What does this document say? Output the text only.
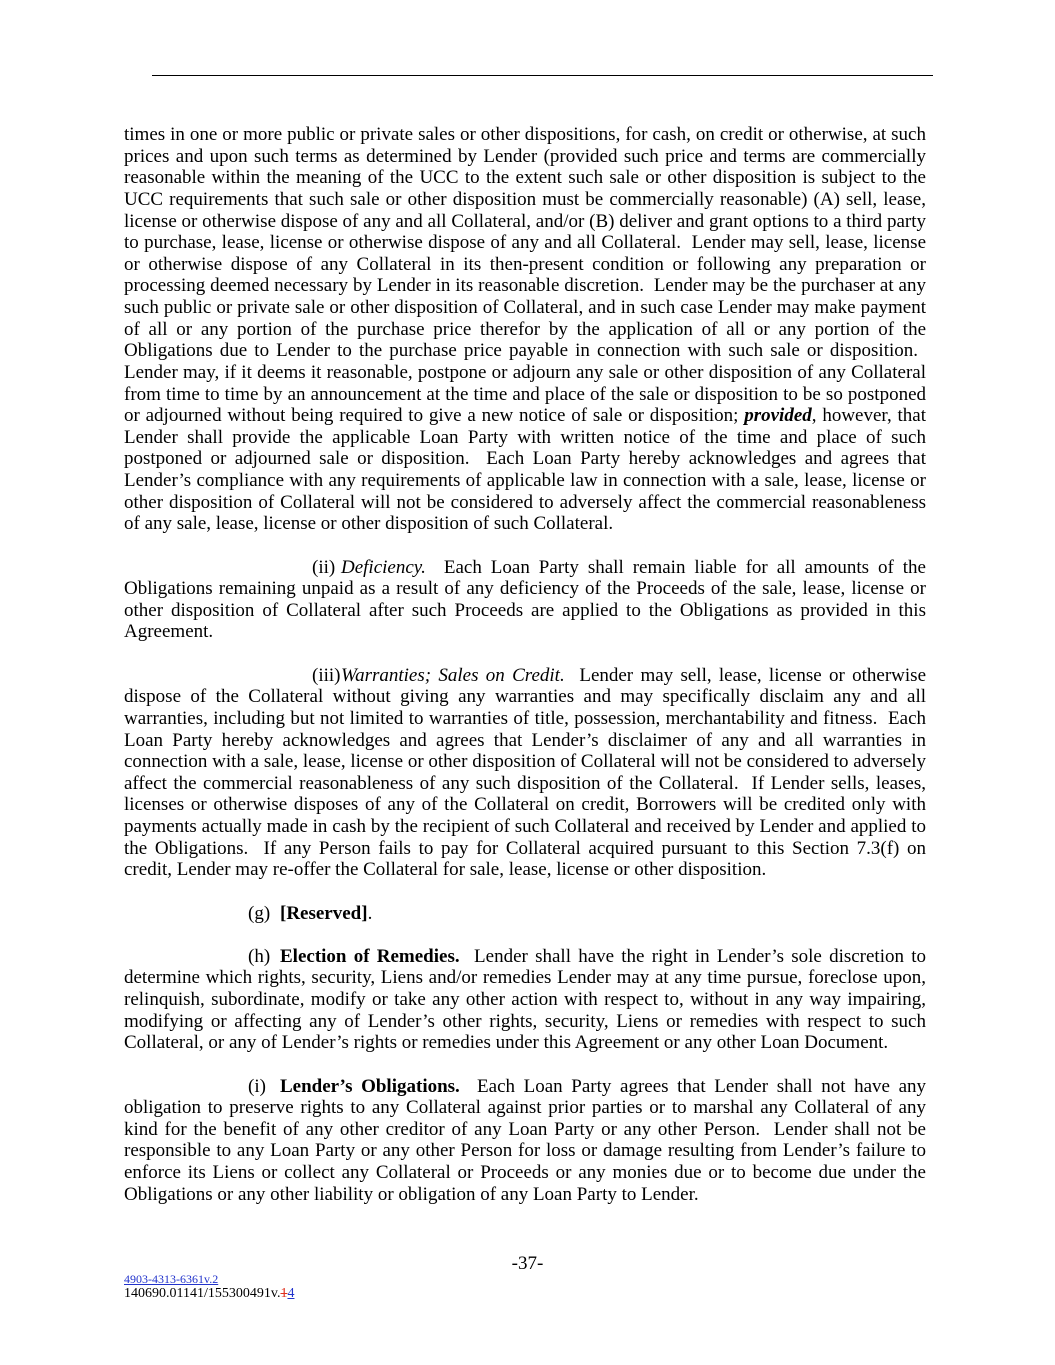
times in one or more public or private sales or other dispositions, for cash, on credit or otherwise, at such
prices and upon such terms as determined by Lender (provided such price and terms are commercially
reasonable within the meaning of the UCC to the extent such sale or other disposition is subject to the
UCC requirements that such sale or other disposition must be commercially reasonable) (A) sell, lease,
license or otherwise dispose of any and all Collateral, and/or (B) deliver and grant options to a third party
to purchase, lease, license or otherwise dispose of any and all Collateral.  Lender may sell, lease, license
or otherwise dispose of any Collateral in its then-present condition or following any preparation or
processing deemed necessary by Lender in its reasonable discretion.  Lender may be the purchaser at any
such public or private sale or other disposition of Collateral, and in such case Lender may make payment
of all or any portion of the purchase price therefor by the application of all or any portion of the
Obligations due to Lender to the purchase price payable in connection with such sale or disposition.
Lender may, if it deems it reasonable, postpone or adjourn any sale or other disposition of any Collateral
from time to time by an announcement at the time and place of the sale or disposition to be so postponed
or adjourned without being required to give a new notice of sale or disposition; provided, however, that
Lender shall provide the applicable Loan Party with written notice of the time and place of such
postponed or adjourned sale or disposition.  Each Loan Party hereby acknowledges and agrees that
Lender’s compliance with any requirements of applicable law in connection with a sale, lease, license or
other disposition of Collateral will not be considered to adversely affect the commercial reasonableness
of any sale, lease, license or other disposition of such Collateral.
(ii) Deficiency.  Each Loan Party shall remain liable for all amounts of the
Obligations remaining unpaid as a result of any deficiency of the Proceeds of the sale, lease, license or
other disposition of Collateral after such Proceeds are applied to the Obligations as provided in this
Agreement.
(iii)Warranties; Sales on Credit.  Lender may sell, lease, license or otherwise
dispose of the Collateral without giving any warranties and may specifically disclaim any and all
warranties, including but not limited to warranties of title, possession, merchantability and fitness.  Each
Loan Party hereby acknowledges and agrees that Lender’s disclaimer of any and all warranties in
connection with a sale, lease, license or other disposition of Collateral will not be considered to adversely
affect the commercial reasonableness of any such disposition of the Collateral.  If Lender sells, leases,
licenses or otherwise disposes of any of the Collateral on credit, Borrowers will be credited only with
payments actually made in cash by the recipient of such Collateral and received by Lender and applied to
the Obligations.  If any Person fails to pay for Collateral acquired pursuant to this Section 7.3(f) on
credit, Lender may re-offer the Collateral for sale, lease, license or other disposition.
(g) [Reserved].
(h) Election of Remedies.  Lender shall have the right in Lender’s sole discretion to
determine which rights, security, Liens and/or remedies Lender may at any time pursue, foreclose upon,
relinquish, subordinate, modify or take any other action with respect to, without in any way impairing,
modifying or affecting any of Lender’s other rights, security, Liens or remedies with respect to such
Collateral, or any of Lender’s rights or remedies under this Agreement or any other Loan Document.
(i) Lender’s Obligations.  Each Loan Party agrees that Lender shall not have any
obligation to preserve rights to any Collateral against prior parties or to marshal any Collateral of any
kind for the benefit of any other creditor of any Loan Party or any other Person.  Lender shall not be
responsible to any Loan Party or any other Person for loss or damage resulting from Lender’s failure to
enforce its Liens or collect any Collateral or Proceeds or any monies due or to become due under the
Obligations or any other liability or obligation of any Loan Party to Lender.
-37-
4903-4313-6361v.2
140690.01141/155300491v.14
